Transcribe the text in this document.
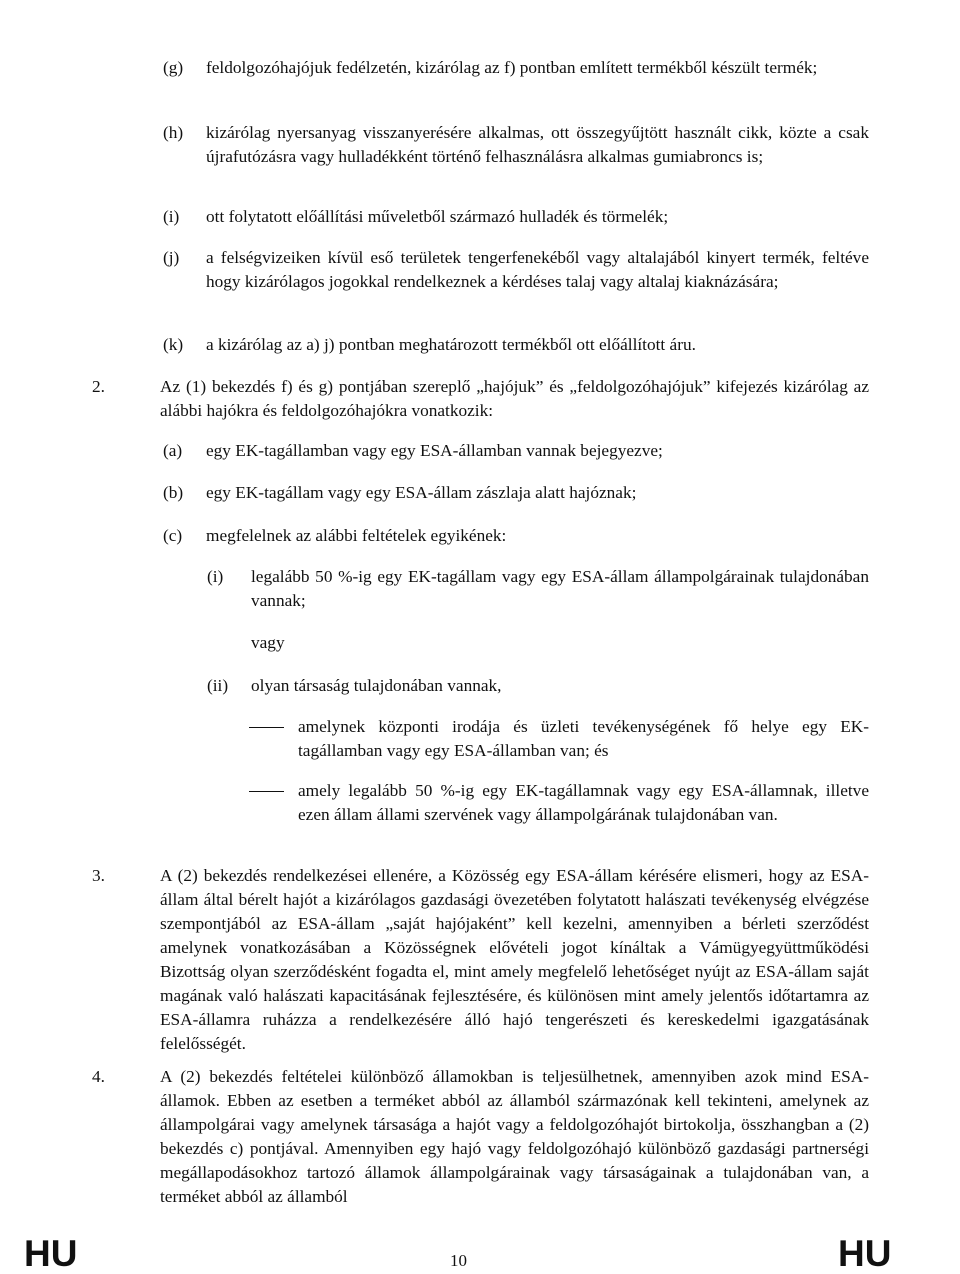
(g) feldolgozóhajójuk fedélzetén, kizárólag az f) pontban említett termékből készült termék;
(h) kizárólag nyersanyag visszanyerésére alkalmas, ott összegyűjtött használt cikk, közte a csak újrafutózásra vagy hulladékként történő felhasználásra alkalmas gumiabroncs is;
(i) ott folytatott előállítási műveletből származó hulladék és törmelék;
(j) a felségvizeiken kívül eső területek tengerfenekéből vagy altalajából kinyert termék, feltéve hogy kizárólagos jogokkal rendelkeznek a kérdéses talaj vagy altalaj kiaknázására;
(k) a kizárólag az a) j) pontban meghatározott termékből ott előállított áru.
2.	Az (1) bekezdés f) és g) pontjában szereplő „hajójuk” és „feldolgozóhajójuk” kifejezés kizárólag az alábbi hajókra és feldolgozóhajókra vonatkozik:
(a) egy EK-tagállamban vagy egy ESA-államban vannak bejegyezve;
(b) egy EK-tagállam vagy egy ESA-állam zászlaja alatt hajóznak;
(c) megfelelnek az alábbi feltételek egyikének:
(i) legalább 50 %-ig egy EK-tagállam vagy egy ESA-állam állampolgárainak tulajdonában vannak;
vagy
(ii) olyan társaság tulajdonában vannak,
amelynek központi irodája és üzleti tevékenységének fő helye egy EK-tagállamban vagy egy ESA-államban van; és
amely legalább 50 %-ig egy EK-tagállamnak vagy egy ESA-államnak, illetve ezen állam állami szervének vagy állampolgárának tulajdonában van.
3.	A (2) bekezdés rendelkezései ellenére, a Közösség egy ESA-állam kérésére elismeri, hogy az ESA-állam által bérelt hajót a kizárólagos gazdasági övezetében folytatott halászati tevékenység elvégzése szempontjából az ESA-állam „saját hajójaként” kell kezelni, amennyiben a bérleti szerződést amelynek vonatkozásában a Közösségnek elővételi jogot kínáltak a Vámügyegyüttműködési Bizottság olyan szerződésként fogadta el, mint amely megfelelő lehetőséget nyújt az ESA-állam saját magának való halászati kapacitásának fejlesztésére, és különösen mint amely jelentős időtartamra az ESA-államra ruházza a rendelkezésére álló hajó tengerészeti és kereskedelmi igazgatásának felelősségét.
4.	A (2) bekezdés feltételei különböző államokban is teljesülhetnek, amennyiben azok mind ESA-államok. Ebben az esetben a terméket abból az államból származónak kell tekinteni, amelynek az állampolgárai vagy amelynek társasága a hajót vagy a feldolgozóhajót birtokolja, összhangban a (2) bekezdés c) pontjával. Amennyiben egy hajó vagy feldolgozóhajó különböző gazdasági partnerségi megállapodásokhoz tartozó államok állampolgárainak vagy társaságainak a tulajdonában van, a terméket abból az államból
HU	10	HU
